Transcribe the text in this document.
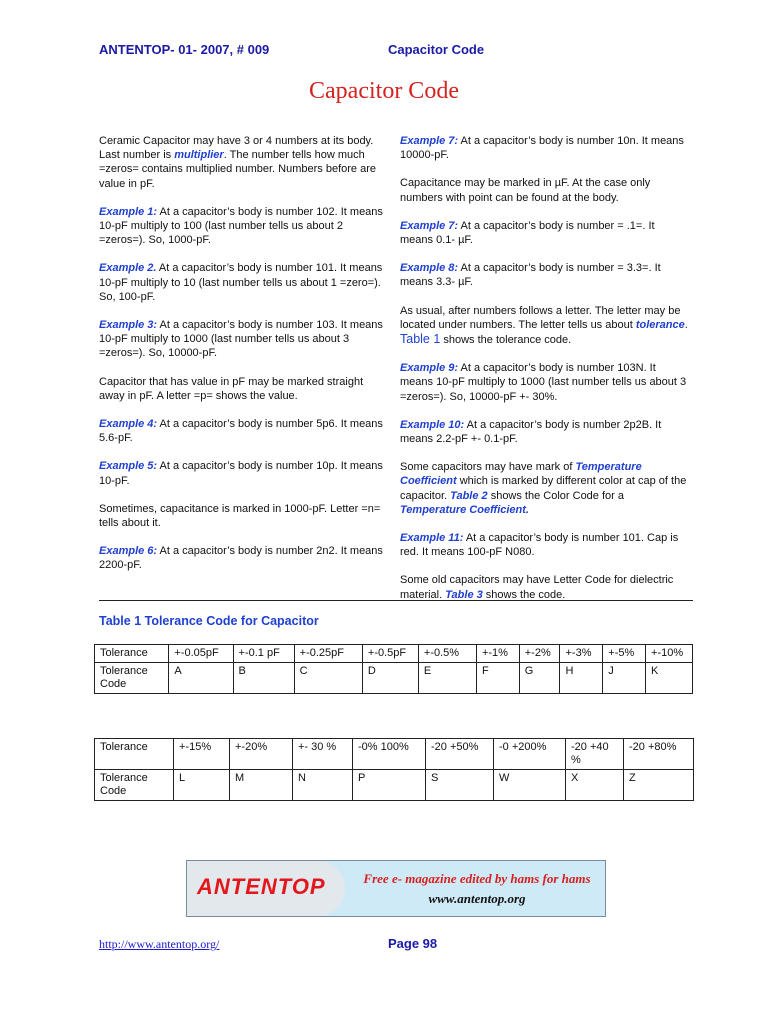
ANTENTOP- 01- 2007, # 009	Capacitor Code
Capacitor Code

Ceramic Capacitor may have 3 or 4 numbers at its body. Last number is multiplier. The number tells how much =zeros= contains multiplied number. Numbers before are value in pF.

Example 1: At a capacitor’s body is number 102. It means 10-pF multiply to 100 (last number tells us about 2 =zeros=). So, 1000-pF.

Example 2. At a capacitor’s body is number 101. It means 10-pF multiply to 10 (last number tells us about 1 =zero=). So, 100-pF.

Example 3: At a capacitor’s body is number 103. It means 10-pF multiply to 1000 (last number tells us about 3 =zeros=). So, 10000-pF.

Capacitor that has value in pF may be marked straight away in pF. A letter =p= shows the value.

Example 4: At a capacitor’s body is number 5p6. It means 5.6-pF.

Example 5: At a capacitor’s body is number 10p. It means 10-pF.

Sometimes, capacitance is marked in 1000-pF. Letter =n= tells about it.

Example 6: At a capacitor’s body is number 2n2. It means 2200-pF.

Example 7: At a capacitor’s body is number 10n. It means 10000-pF.

Capacitance may be marked in µF. At the case only numbers with point can be found at the body.

Example 7: At a capacitor’s body is number = .1=. It means 0.1- µF.

Example 8: At a capacitor’s body is number = 3.3=. It means 3.3- µF.

As usual, after numbers follows a letter. The letter may be located under numbers. The letter tells us about tolerance. Table 1 shows the tolerance code.

Example 9: At a capacitor’s body is number 103N. It means 10-pF multiply to 1000 (last number tells us about 3 =zeros=). So, 10000-pF +- 30%.

Example 10: At a capacitor’s body is number 2p2B. It means 2.2-pF +- 0.1-pF.

Some capacitors may have mark of Temperature Coefficient which is marked by different color at cap of the capacitor. Table 2 shows the Color Code for a Temperature Coefficient.

Example 11: At a capacitor’s body is number 101. Cap is red. It means 100-pF N080.

Some old capacitors may have Letter Code for dielectric material. Table 3 shows the code.

Table 1 Tolerance Code for Capacitor
Tolerance	+-0.05pF	+-0.1 pF	+-0.25pF	+-0.5pF	+-0.5%	+-1%	+-2%	+-3%	+-5%	+-10%
Tolerance Code	A	B	C	D	E	F	G	H	J	K
Tolerance	+-15%	+-20%	+- 30 %	-0% 100%	-20 +50%	-0 +200%	-20 +40 %	-20 +80%
Tolerance Code	L	M	N	P	S	W	X	Z
ANTENTOP	Free e- magazine edited by hams for hams
www.antentop.org
http://www.antentop.org/	Page 98
